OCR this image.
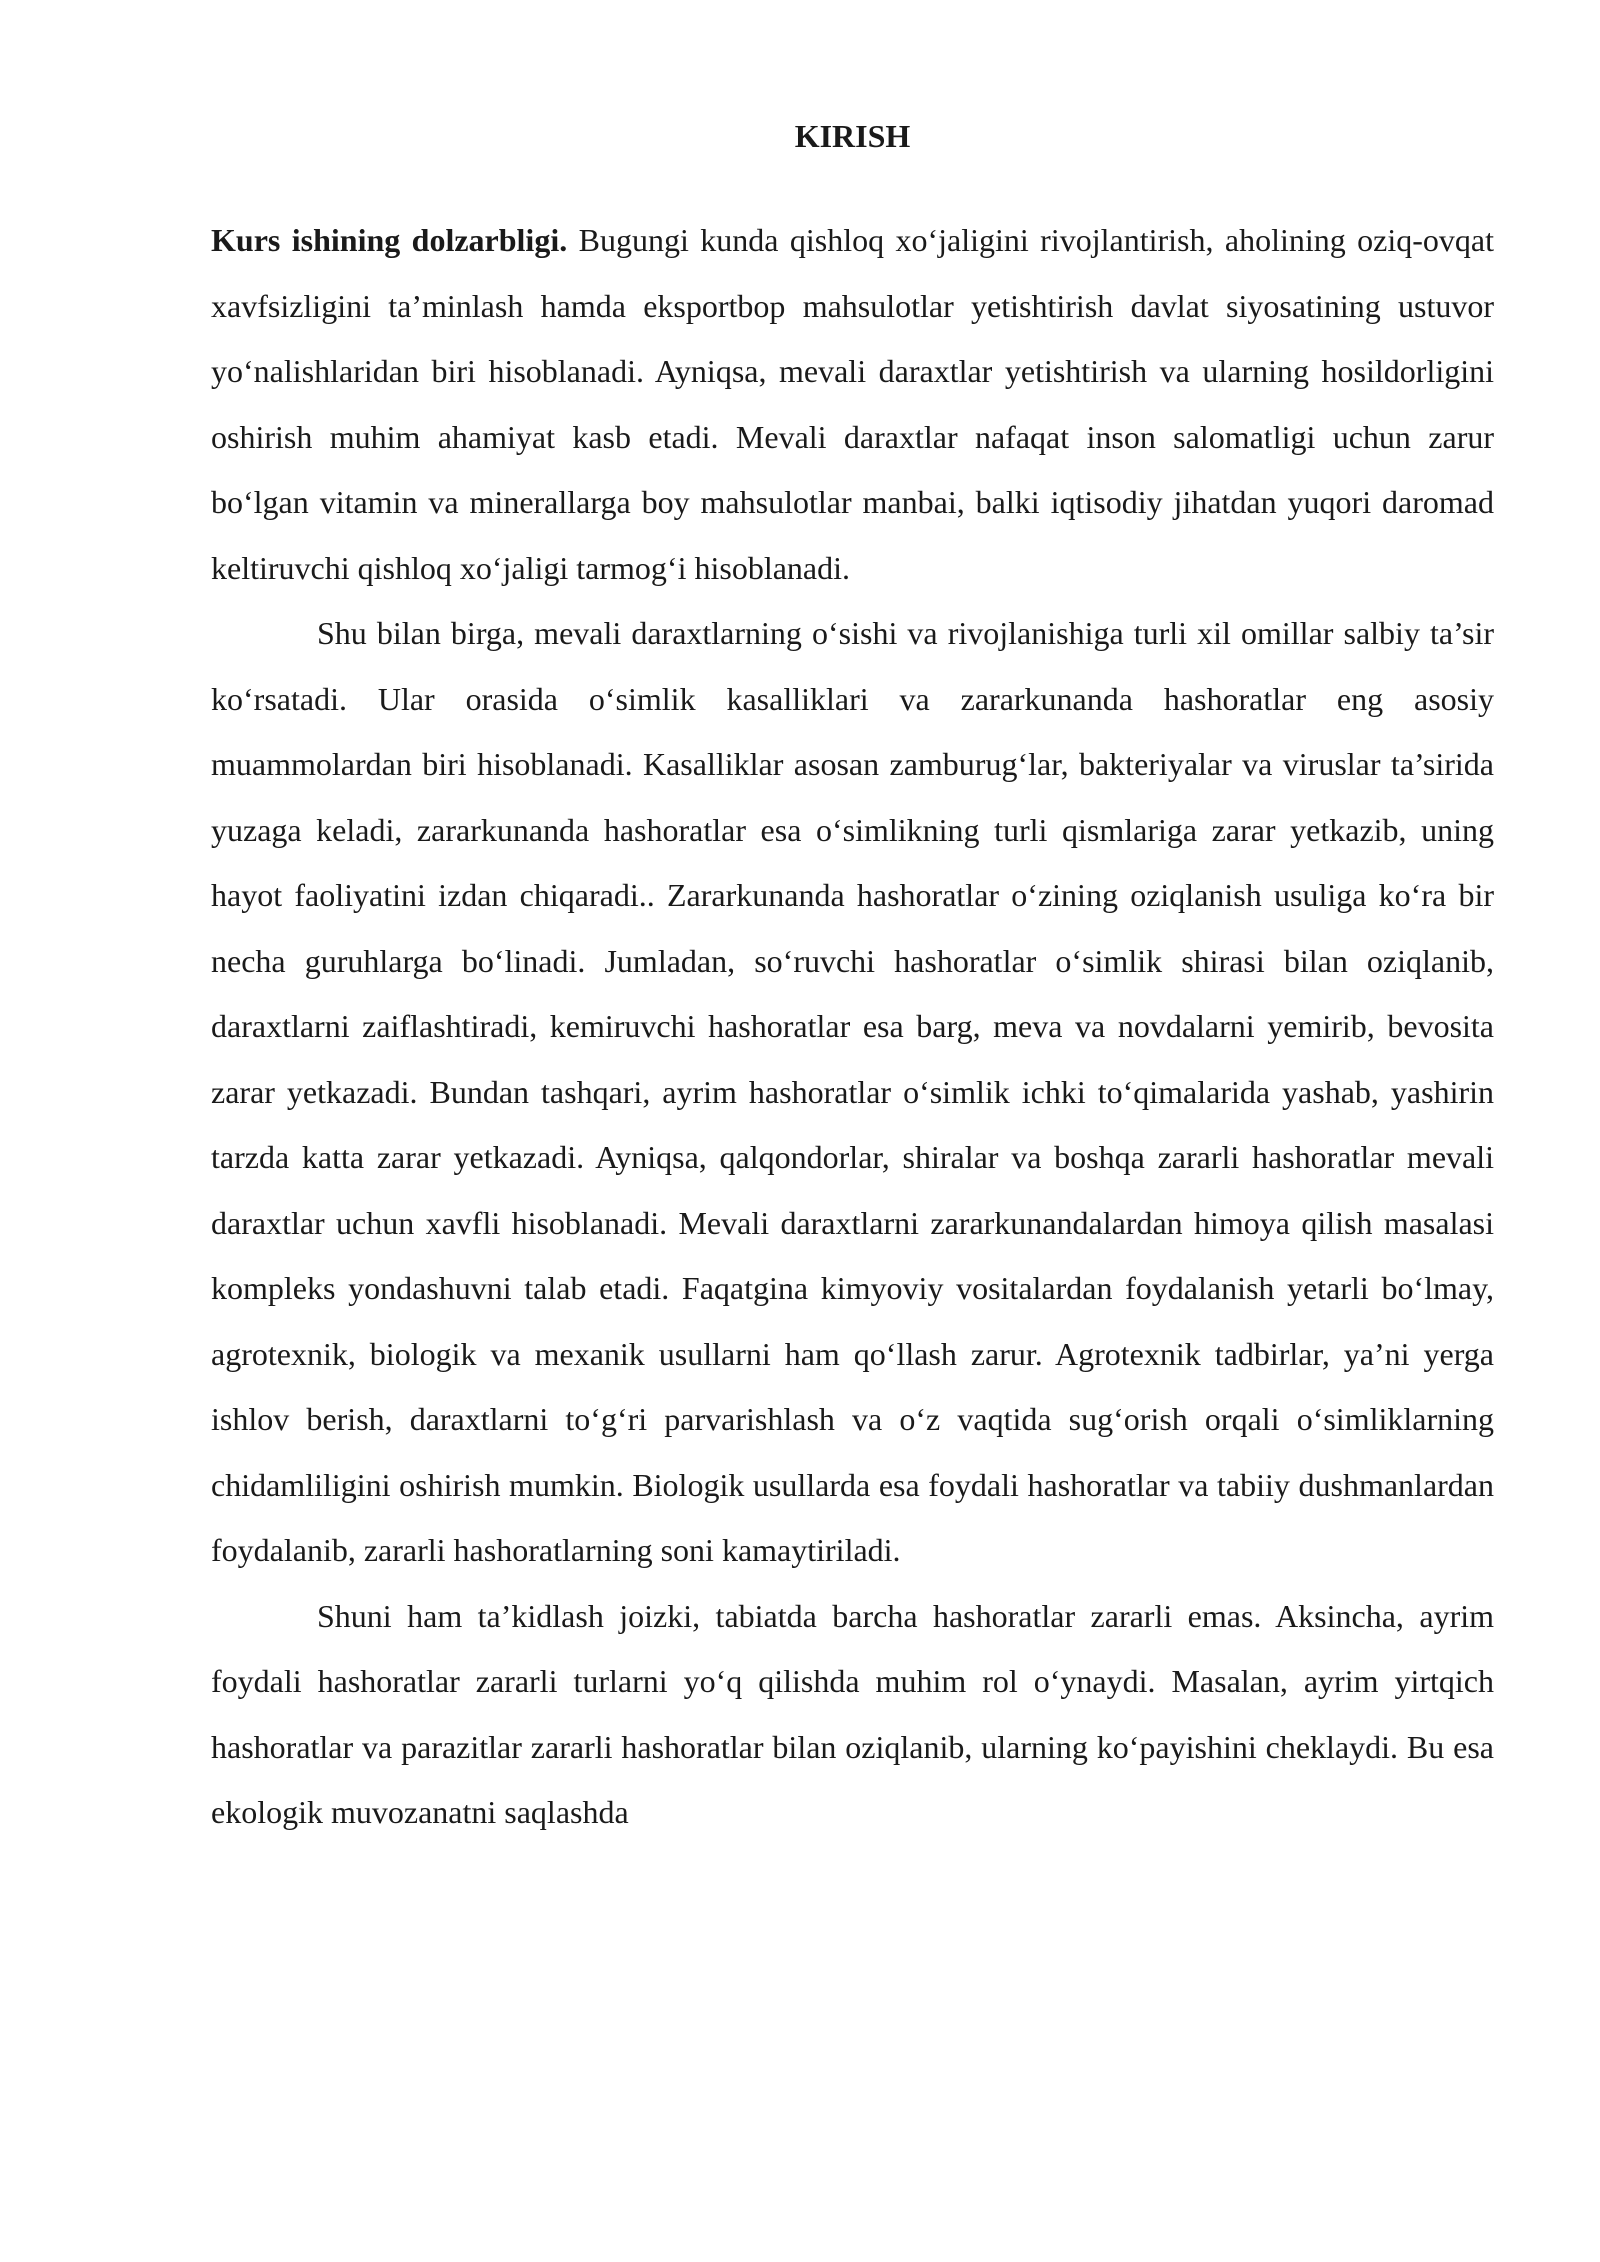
KIRISH

Kurs ishining dolzarbligi. Bugungi kunda qishloq xo‘jaligini rivojlantirish, aholining oziq-ovqat xavfsizligini ta’minlash hamda eksportbop mahsulotlar yetishtirish davlat siyosatining ustuvor yo‘nalishlaridan biri hisoblanadi. Ayniqsa, mevali daraxtlar yetishtirish va ularning hosildorligini oshirish muhim ahamiyat kasb etadi. Mevali daraxtlar nafaqat inson salomatligi uchun zarur bo‘lgan vitamin va minerallarga boy mahsulotlar manbai, balki iqtisodiy jihatdan yuqori daromad keltiruvchi qishloq xo‘jaligi tarmog‘i hisoblanadi.

Shu bilan birga, mevali daraxtlarning o‘sishi va rivojlanishiga turli xil omillar salbiy ta’sir ko‘rsatadi. Ular orasida o‘simlik kasalliklari va zararkunanda hashoratlar eng asosiy muammolardan biri hisoblanadi. Kasalliklar asosan zamburug‘lar, bakteriyalar va viruslar ta’sirida yuzaga keladi, zararkunanda hashoratlar esa o‘simlikning turli qismlariga zarar yetkazib, uning hayot faoliyatini izdan chiqaradi.. Zararkunanda hashoratlar o‘zining oziqlanish usuliga ko‘ra bir necha guruhlarga bo‘linadi. Jumladan, so‘ruvchi hashoratlar o‘simlik shirasi bilan oziqlanib, daraxtlarni zaiflashtiradi, kemiruvchi hashoratlar esa barg, meva va novdalarni yemirib, bevosita zarar yetkazadi. Bundan tashqari, ayrim hashoratlar o‘simlik ichki to‘qimalarida yashab, yashirin tarzda katta zarar yetkazadi. Ayniqsa, qalqondorlar, shiralar va boshqa zararli hashoratlar mevali daraxtlar uchun xavfli hisoblanadi. Mevali daraxtlarni zararkunandalardan himoya qilish masalasi kompleks yondashuvni talab etadi. Faqatgina kimyoviy vositalardan foydalanish yetarli bo‘lmay, agrotexnik, biologik va mexanik usullarni ham qo‘llash zarur. Agrotexnik tadbirlar, ya’ni yerga ishlov berish, daraxtlarni to‘g‘ri parvarishlash va o‘z vaqtida sug‘orish orqali o‘simliklarning chidamliligini oshirish mumkin. Biologik usullarda esa foydali hashoratlar va tabiiy dushmanlardan foydalanib, zararli hashoratlarning soni kamaytiriladi.

Shuni ham ta’kidlash joizki, tabiatda barcha hashoratlar zararli emas. Aksincha, ayrim foydali hashoratlar zararli turlarni yo‘q qilishda muhim rol o‘ynaydi. Masalan, ayrim yirtqich hashoratlar va parazitlar zararli hashoratlar bilan oziqlanib, ularning ko‘payishini cheklaydi. Bu esa ekologik muvozanatni saqlashda
